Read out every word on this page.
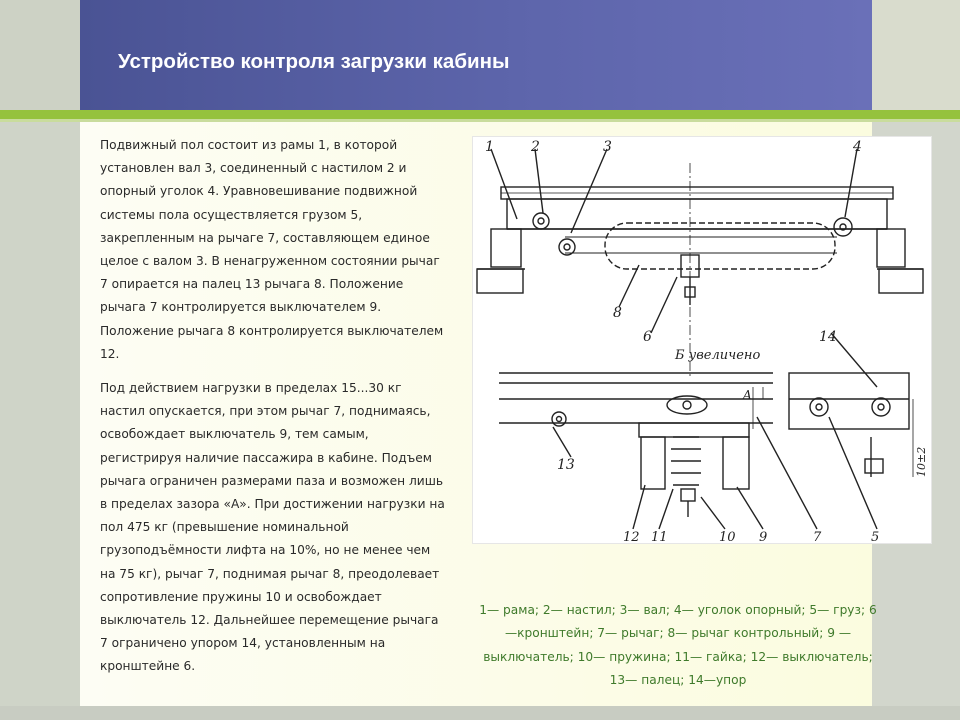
Устройство контроля загрузки кабины

Подвижный пол состоит из рамы 1, в которой установлен вал 3, соединенный с настилом 2 и опорный уголок 4. Уравновешивание подвижной системы пола осуществляется грузом 5, закрепленным на рычаге 7, составляющем единое целое с валом 3. В ненагруженном состоянии рычаг 7 опирается на палец 13 рычага 8. Положение рычага 7 контролируется выключателем 9. Положение рычага 8 контролируется выключателем 12.

Под действием нагрузки в пределах 15...30 кг настил опускается, при этом рычаг 7, поднимаясь, освобождает выключатель 9, тем самым, регистрируя наличие пассажира в кабине. Подъем рычага ограничен размерами паза и возможен лишь в пределах зазора «А». При достижении нагрузки на пол 475 кг (превышение номинальной грузоподъёмности лифта на 10%, но не менее чем на 75 кг), рычаг 7, поднимая рычаг 8, преодолевает сопротивление пружины 10 и освобождает выключатель 12. Дальнейшее перемещение рычага 7 ограничено упором 14, установленным на кронштейне 6.

1	2	3	4
8
6
Б увеличено
14
13
12 11	10 9	7	5
A
10±2
1— рама; 2— настил; 3— вал; 4— уголок опорный; 5— груз; 6—кронштейн; 7— рычаг; 8— рычаг контрольный; 9 — выключатель; 10— пружина; 11— гайка; 12— выключатель; 13— палец; 14—упор
